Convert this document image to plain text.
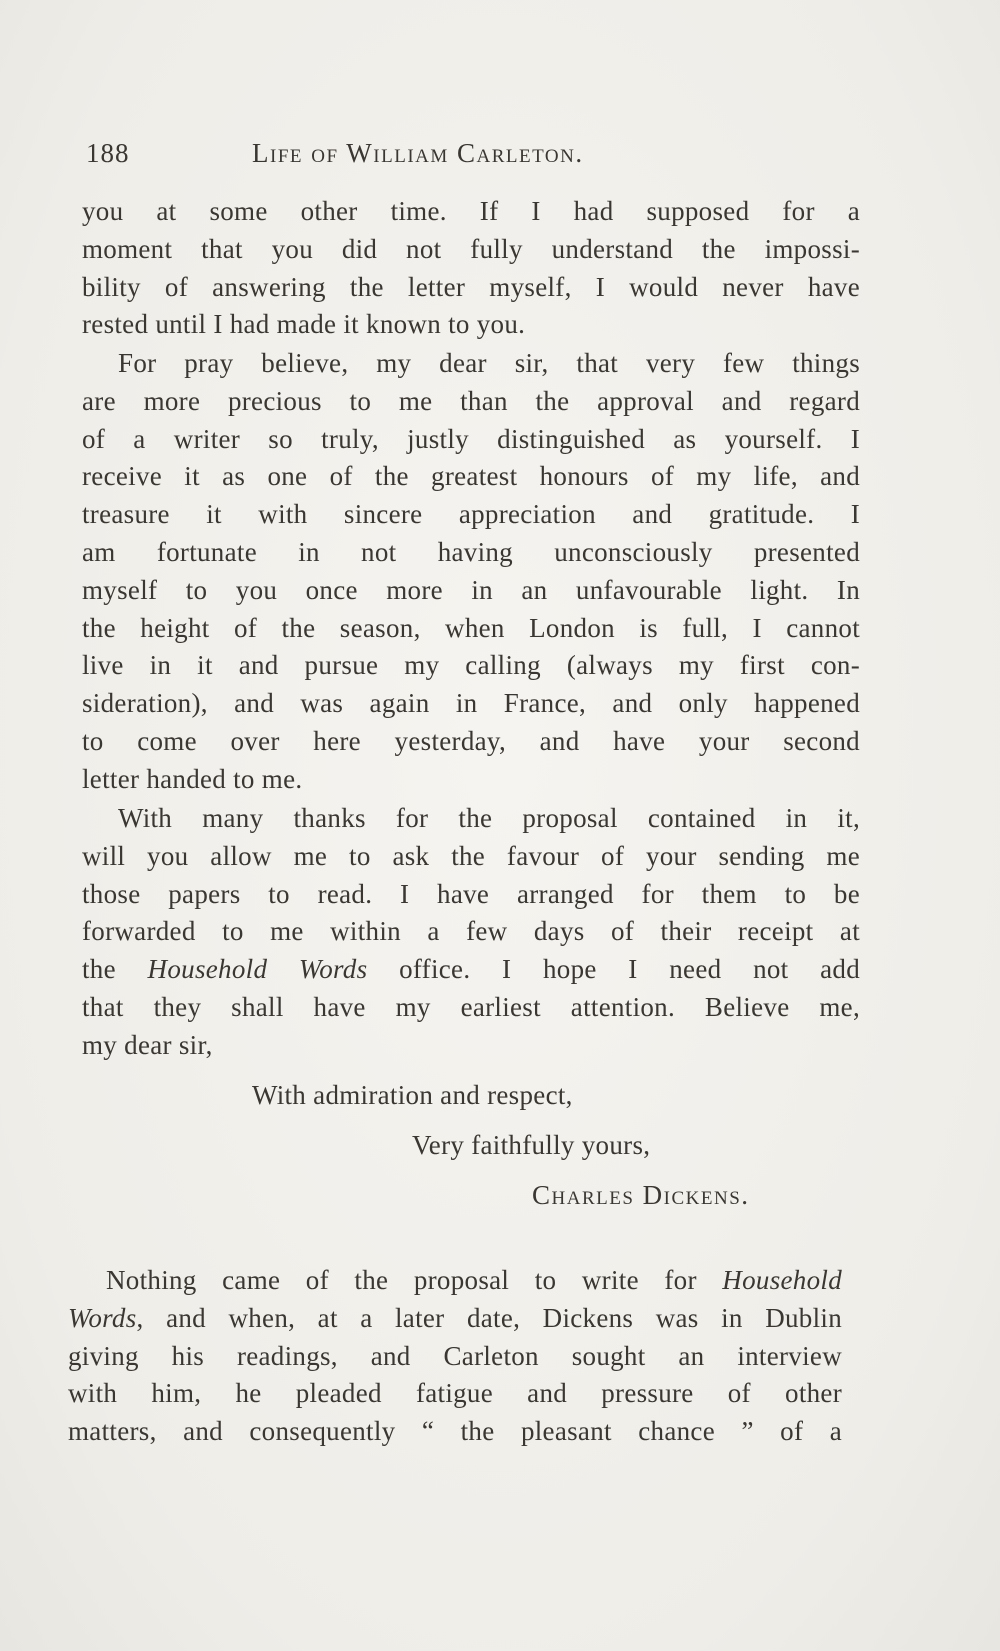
188	Life of William Carleton.
you at some other time. If I had supposed for a
moment that you did not fully understand the impossi-
bility of answering the letter myself, I would never have
rested until I had made it known to you.
For pray believe, my dear sir, that very few things
are more precious to me than the approval and regard
of a writer so truly, justly distinguished as yourself. I
receive it as one of the greatest honours of my life, and
treasure it with sincere appreciation and gratitude. I
am fortunate in not having unconsciously presented
myself to you once more in an unfavourable light. In
the height of the season, when London is full, I cannot
live in it and pursue my calling (always my first con-
sideration), and was again in France, and only happened
to come over here yesterday, and have your second
letter handed to me.
With many thanks for the proposal contained in it,
will you allow me to ask the favour of your sending me
those papers to read. I have arranged for them to be
forwarded to me within a few days of their receipt at
the Household Words office. I hope I need not add
that they shall have my earliest attention. Believe me,
my dear sir,
With admiration and respect,
Very faithfully yours,
Charles Dickens.
Nothing came of the proposal to write for Household
Words, and when, at a later date, Dickens was in Dublin
giving his readings, and Carleton sought an interview
with him, he pleaded fatigue and pressure of other
matters, and consequently “ the pleasant chance ” of a
